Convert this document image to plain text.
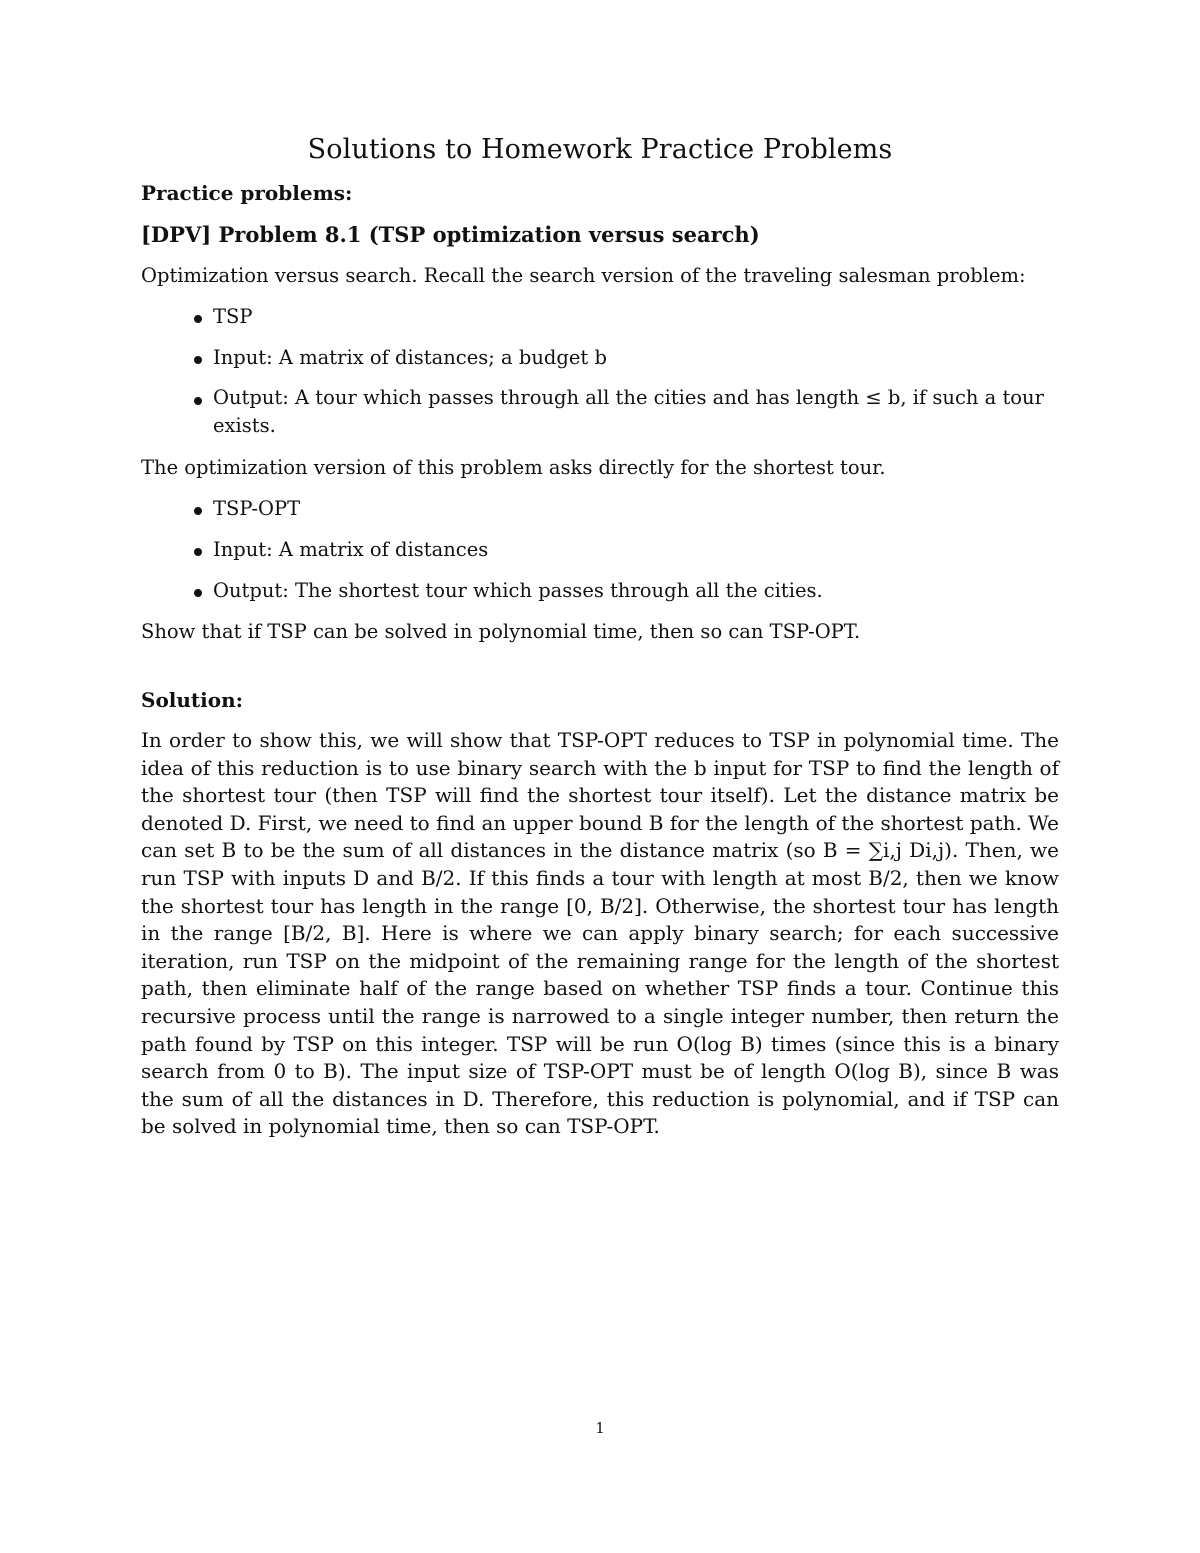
Solutions to Homework Practice Problems

Practice problems:

[DPV] Problem 8.1 (TSP optimization versus search)

Optimization versus search. Recall the search version of the traveling salesman problem:

TSP
Input: A matrix of distances; a budget b
Output: A tour which passes through all the cities and has length ≤ b, if such a tour exists.

The optimization version of this problem asks directly for the shortest tour.

TSP-OPT
Input: A matrix of distances
Output: The shortest tour which passes through all the cities.

Show that if TSP can be solved in polynomial time, then so can TSP-OPT.

Solution:

In order to show this, we will show that TSP-OPT reduces to TSP in polynomial time. The idea of this reduction is to use binary search with the b input for TSP to find the length of the shortest tour (then TSP will find the shortest tour itself). Let the distance matrix be denoted D. First, we need to find an upper bound B for the length of the shortest path. We can set B to be the sum of all distances in the distance matrix (so B = ∑i,j Di,j). Then, we run TSP with inputs D and B/2. If this finds a tour with length at most B/2, then we know the shortest tour has length in the range [0, B/2]. Otherwise, the shortest tour has length in the range [B/2, B]. Here is where we can apply binary search; for each successive iteration, run TSP on the midpoint of the remaining range for the length of the shortest path, then eliminate half of the range based on whether TSP finds a tour. Continue this recursive process until the range is narrowed to a single integer number, then return the path found by TSP on this integer. TSP will be run O(log B) times (since this is a binary search from 0 to B). The input size of TSP-OPT must be of length O(log B), since B was the sum of all the distances in D. Therefore, this reduction is polynomial, and if TSP can be solved in polynomial time, then so can TSP-OPT.

1
